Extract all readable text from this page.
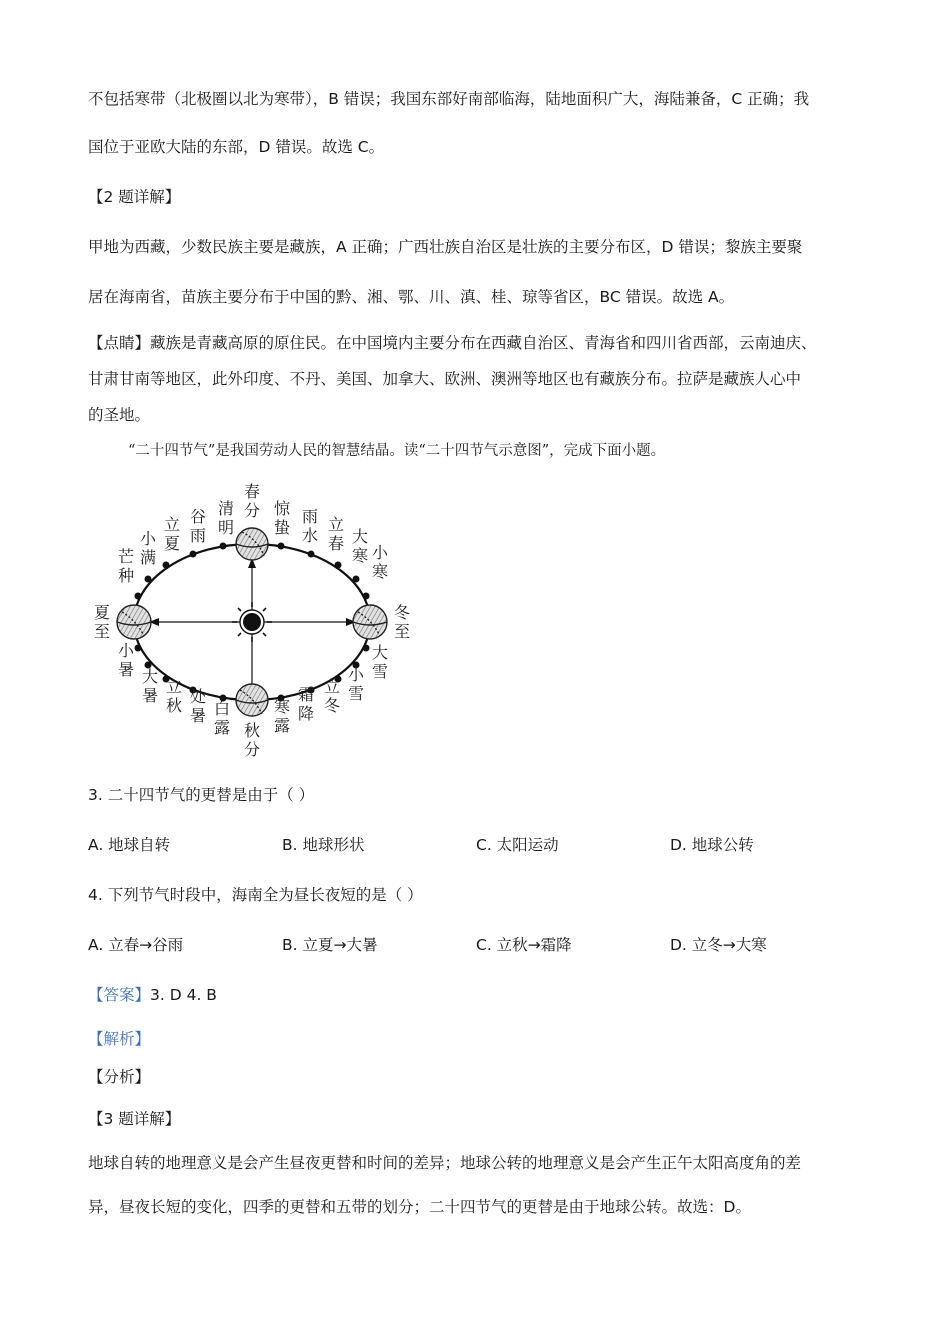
不包括寒带（北极圈以北为寒带），B 错误；我国东部好南部临海，陆地面积广大，海陆兼备，C 正确；我
国位于亚欧大陆的东部，D 错误。故选 C。
【2 题详解】
甲地为西藏，少数民族主要是藏族，A 正确；广西壮族自治区是壮族的主要分布区，D 错误；黎族主要聚
居在海南省，苗族主要分布于中国的黔、湘、鄂、川、滇、桂、琼等省区，BC 错误。故选 A。
【点睛】藏族是青藏高原的原住民。在中国境内主要分布在西藏自治区、青海省和四川省西部，云南迪庆、
甘肃甘南等地区，此外印度、不丹、美国、加拿大、欧洲、澳洲等地区也有藏族分布。拉萨是藏族人心中
的圣地。
“二十四节气”是我国劳动人民的智慧结晶。读“二十四节气示意图”，完成下面小题。
春分 惊蛰
雨水
立春 大寒 小寒
冬至
大雪
小雪
立冬
霜降
寒露
秋分
白露
处暑
立秋
大暑
小暑
夏至
芒种
小满
立夏
谷雨
清明
3. 二十四节气的更替是由于（ ）
A. 地球自转	B. 地球形状	C. 太阳运动	D. 地球公转
4. 下列节气时段中，海南全为昼长夜短的是（ ）
A. 立春→谷雨	B. 立夏→大暑	C. 立秋→霜降	D. 立冬→大寒
【答案】3. D 4. B
【解析】
【分析】
【3 题详解】
地球自转的地理意义是会产生昼夜更替和时间的差异；地球公转的地理意义是会产生正午太阳高度角的差
异，昼夜长短的变化，四季的更替和五带的划分；二十四节气的更替是由于地球公转。故选：D。
